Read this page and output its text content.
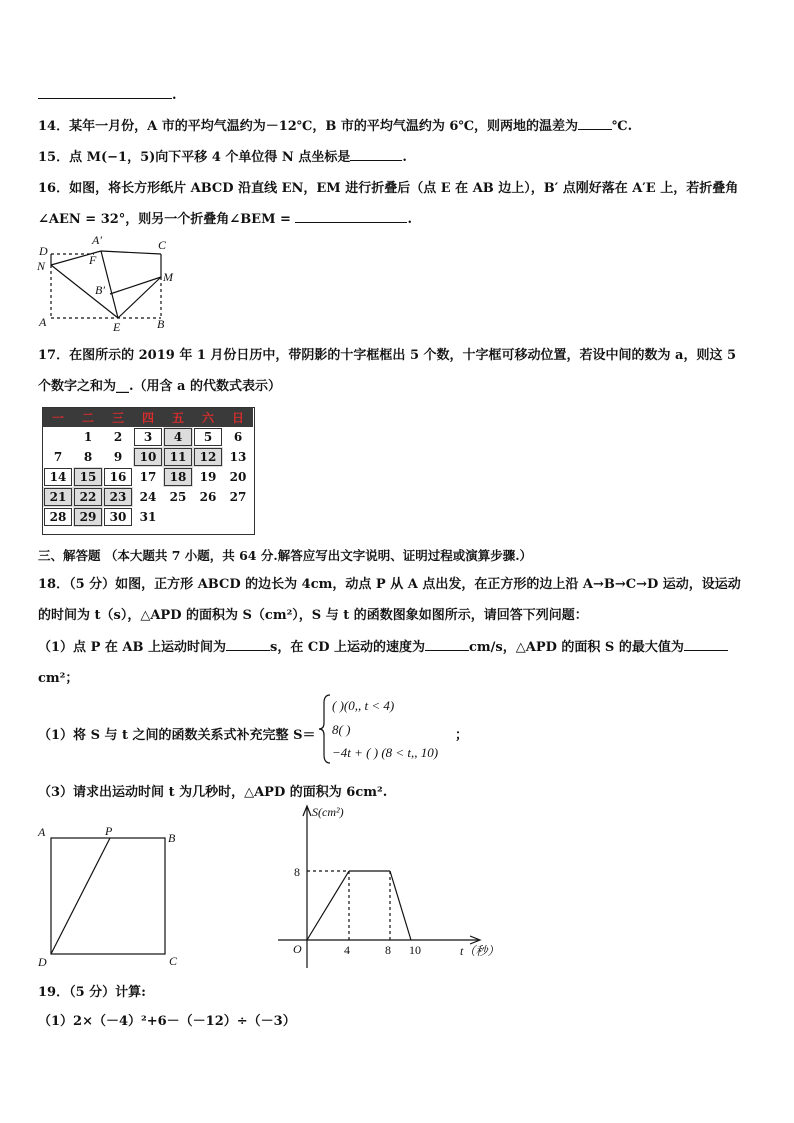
.
14．某年一月份，A 市的平均气温约为－12℃，B 市的平均气温约为 6℃，则两地的温差为	℃.
15．点 M(−1，5)向下平移 4 个单位得 N 点坐标是	.
16．如图，将长方形纸片 ABCD 沿直线 EN，EM 进行折叠后（点 E 在 AB 边上），B′ 点刚好落在 A′E 上，若折叠角
∠AEN = 32°，则另一个折叠角∠BEM =	.
D
A′	C
N	F
M
B′
A	E	B
17．在图所示的 2019 年 1 月份日历中，带阴影的十字框框出 5 个数，十字框可移动位置，若设中间的数为 a，则这 5
个数字之和为__.（用含 a 的代数式表示）
一	二	三	四	五	六	日
	1	2	3	4	5	6
7	8	9	10	11	12	13
14	15	16	17	18	19	20
21	22	23	24	25	26	27
28	29	30	31			
三、解答题 （本大题共 7 小题，共 64 分.解答应写出文字说明、证明过程或演算步骤.）
18．（5 分）如图，正方形 ABCD 的边长为 4cm，动点 P 从 A 点出发，在正方形的边上沿 A→B→C→D 运动，设运动
的时间为 t（s），△APD 的面积为 S（cm²），S 与 t 的函数图象如图所示，请回答下列问题：
（1）点 P 在 AB 上运动时间为	s，在 CD 上运动的速度为	cm/s，△APD 的面积 S 的最大值为
cm²；
（1）将 S 与 t 之间的函数关系式补充完整 S＝
( )(0,, t < 4)
8( )
−4t + ( ) (8 < t,, 10)
；
（3）请求出运动时间 t 为几秒时，△APD 的面积为 6cm².
A	P	B
D	C
S(cm²)
8
O	4	8 10	t（秒）
19．（5 分）计算:
（1）2×（－4）²+6－（－12）÷（－3）
